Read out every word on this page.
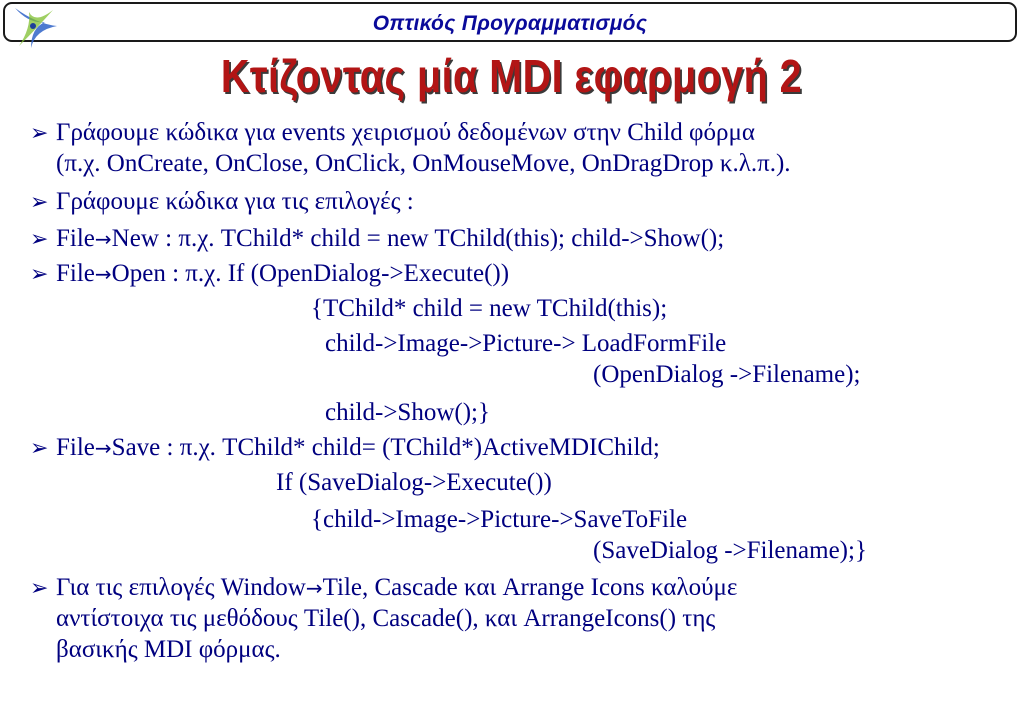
Οπτικός Προγραμματισμός
Κτίζοντας μία MDI εφαρμογή 2
➢ Γράφουμε κώδικα για events χειρισμού δεδομένων στην Child φόρμα
(π.χ. OnCreate, OnClose, OnClick, OnMouseMove, OnDragDrop κ.λ.π.).
➢ Γράφουμε κώδικα για τις επιλογές :
➢ File→New : π.χ. TChild* child = new TChild(this); child->Show();
➢ File→Open : π.χ. If (OpenDialog->Execute())
{TChild* child = new TChild(this);
child->Image->Picture-> LoadFormFile
(OpenDialog ->Filename);
child->Show();}
➢ File→Save : π.χ. TChild* child= (TChild*)ActiveMDIChild;
If (SaveDialog->Execute())
{child->Image->Picture->SaveToFile
(SaveDialog ->Filename);}
➢ Για τις επιλογές Window→Tile, Cascade και Arrange Icons καλούμε
αντίστοιχα τις μεθόδους Tile(), Cascade(), και ArrangeIcons() της
βασικής MDI φόρμας.
